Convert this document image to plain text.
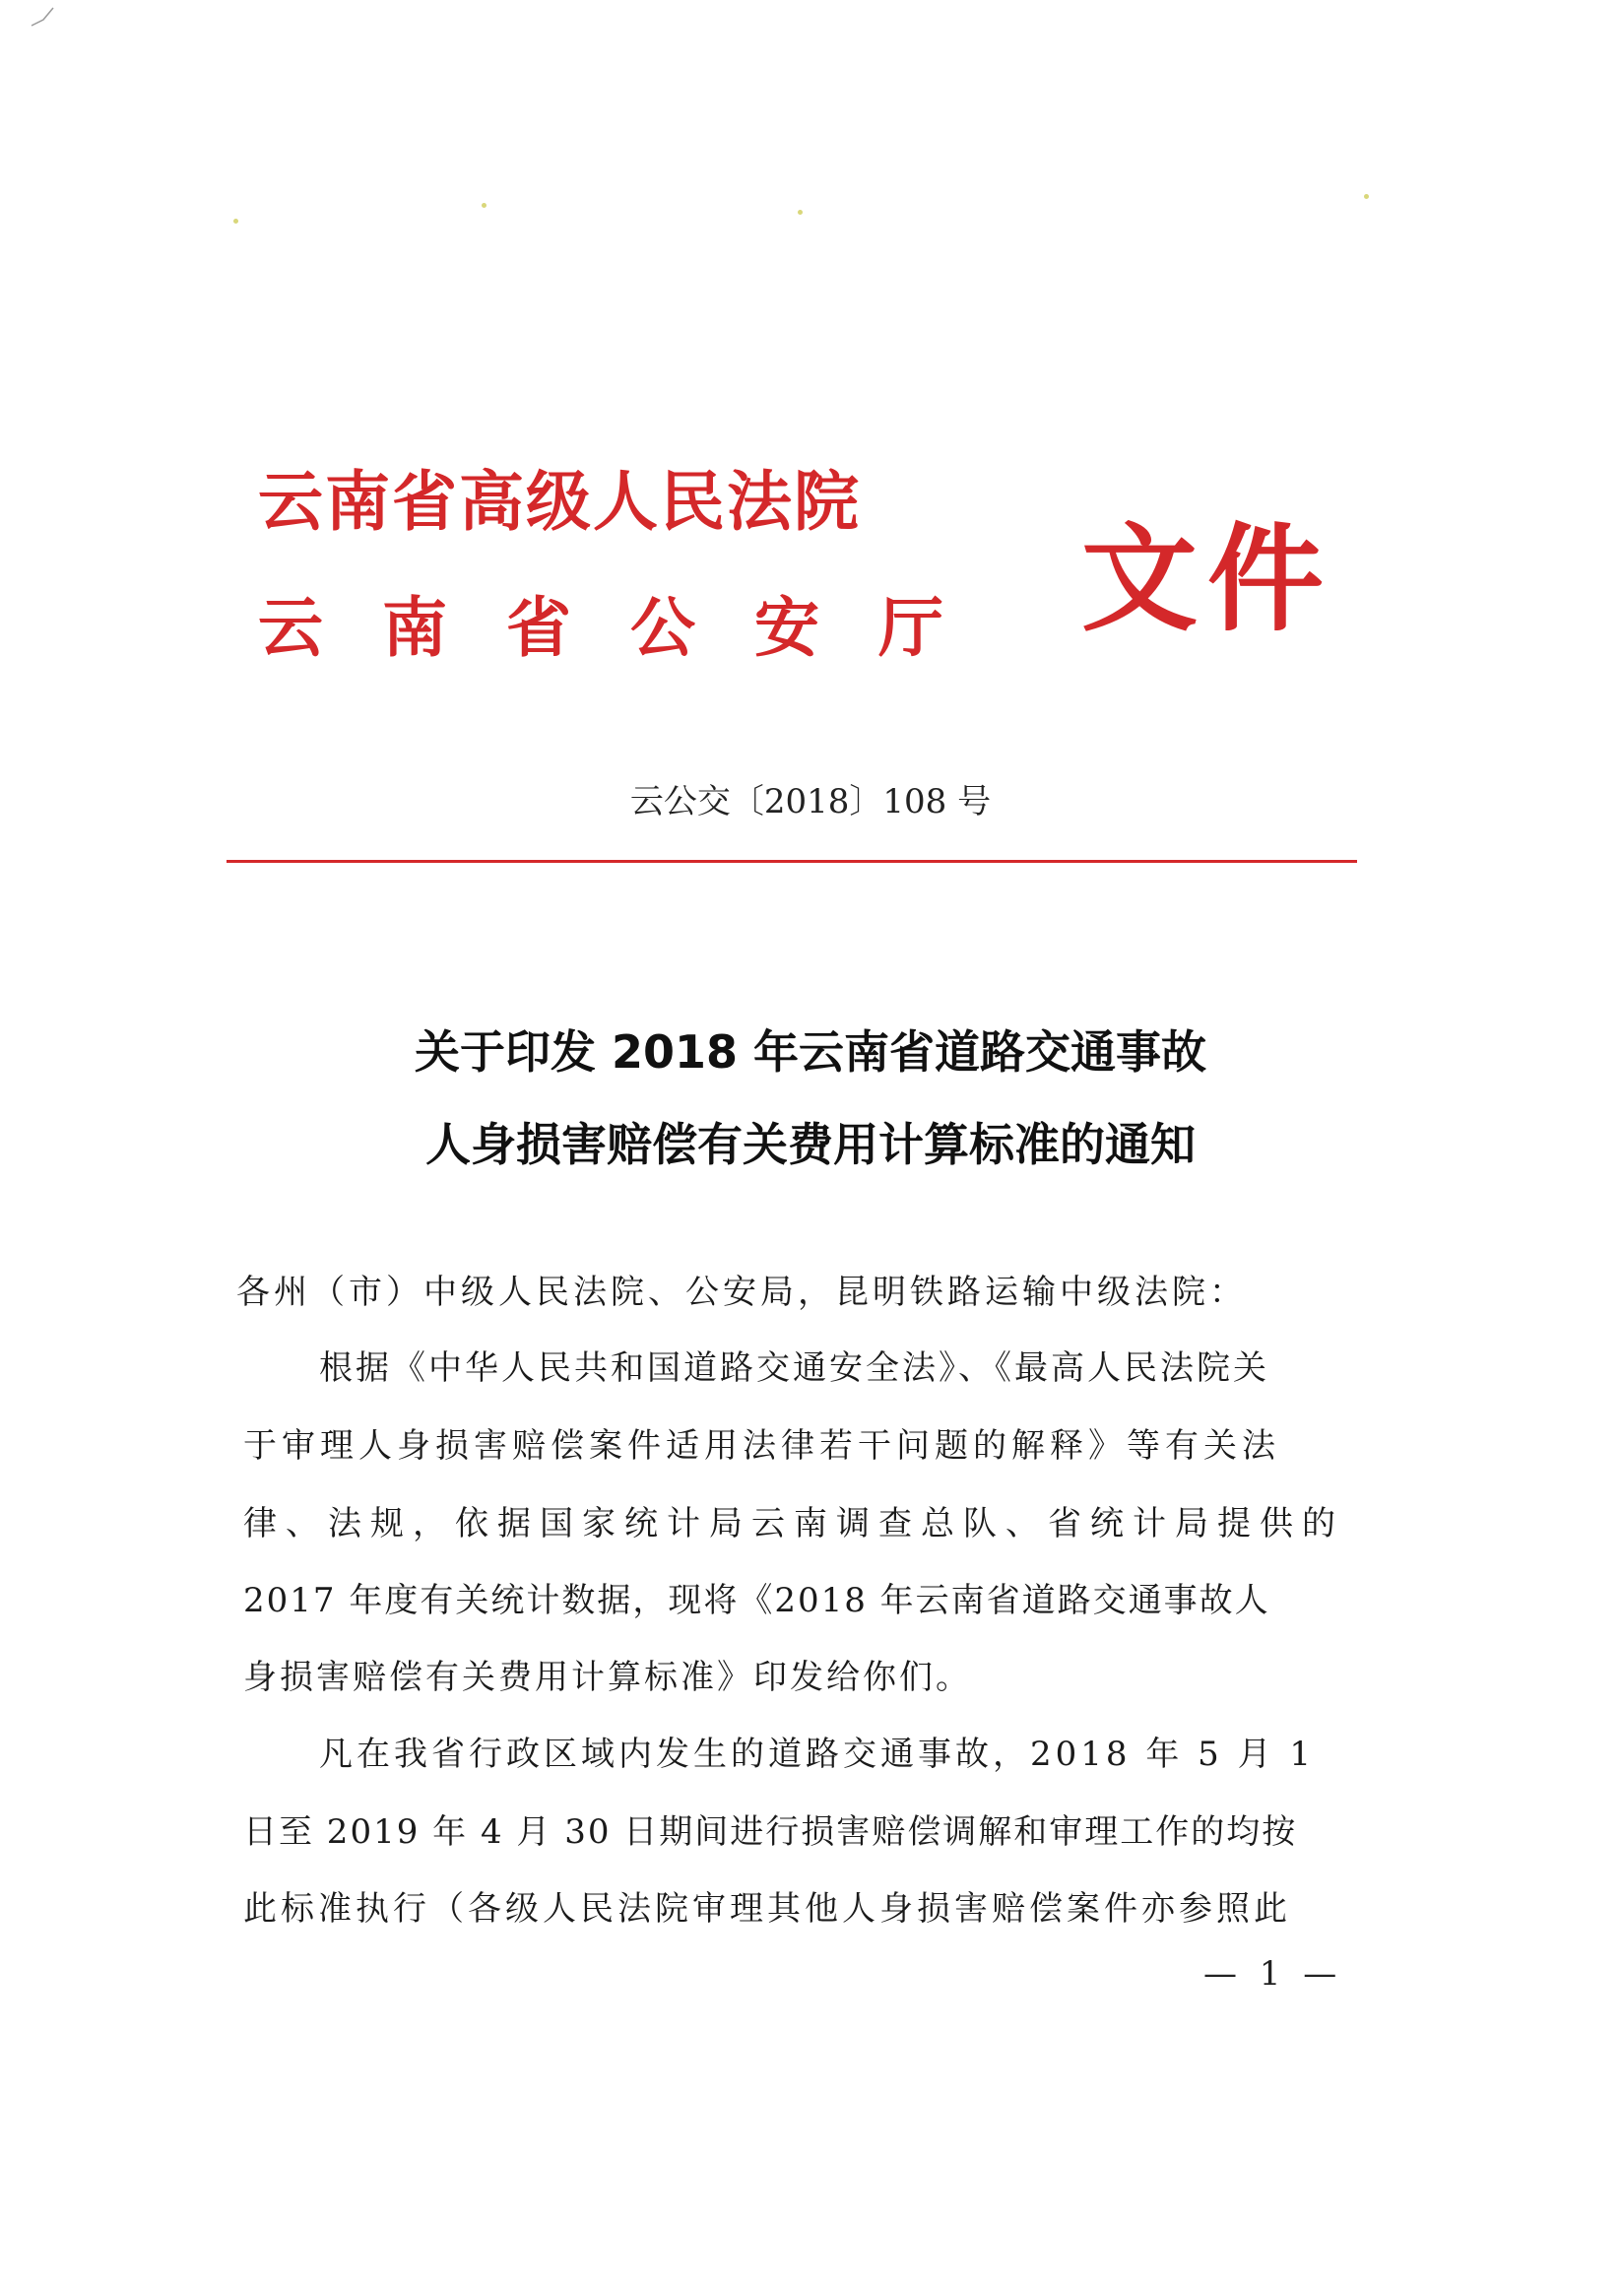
云南省高级人民法院
云南省公安厅 文件
云公交〔2018〕108 号
关于印发 2018 年云南省道路交通事故
人身损害赔偿有关费用计算标准的通知
各州（市）中级人民法院、公安局，昆明铁路运输中级法院：
根据《中华人民共和国道路交通安全法》、《最高人民法院关
于审理人身损害赔偿案件适用法律若干问题的解释》等有关法
律、法规，依据国家统计局云南调查总队、省统计局提供的
2017 年度有关统计数据，现将《2018 年云南省道路交通事故人
身损害赔偿有关费用计算标准》印发给你们。
凡在我省行政区域内发生的道路交通事故，2018 年 5 月 1
日至 2019 年 4 月 30 日期间进行损害赔偿调解和审理工作的均按
此标准执行（各级人民法院审理其他人身损害赔偿案件亦参照此
— 1 —
